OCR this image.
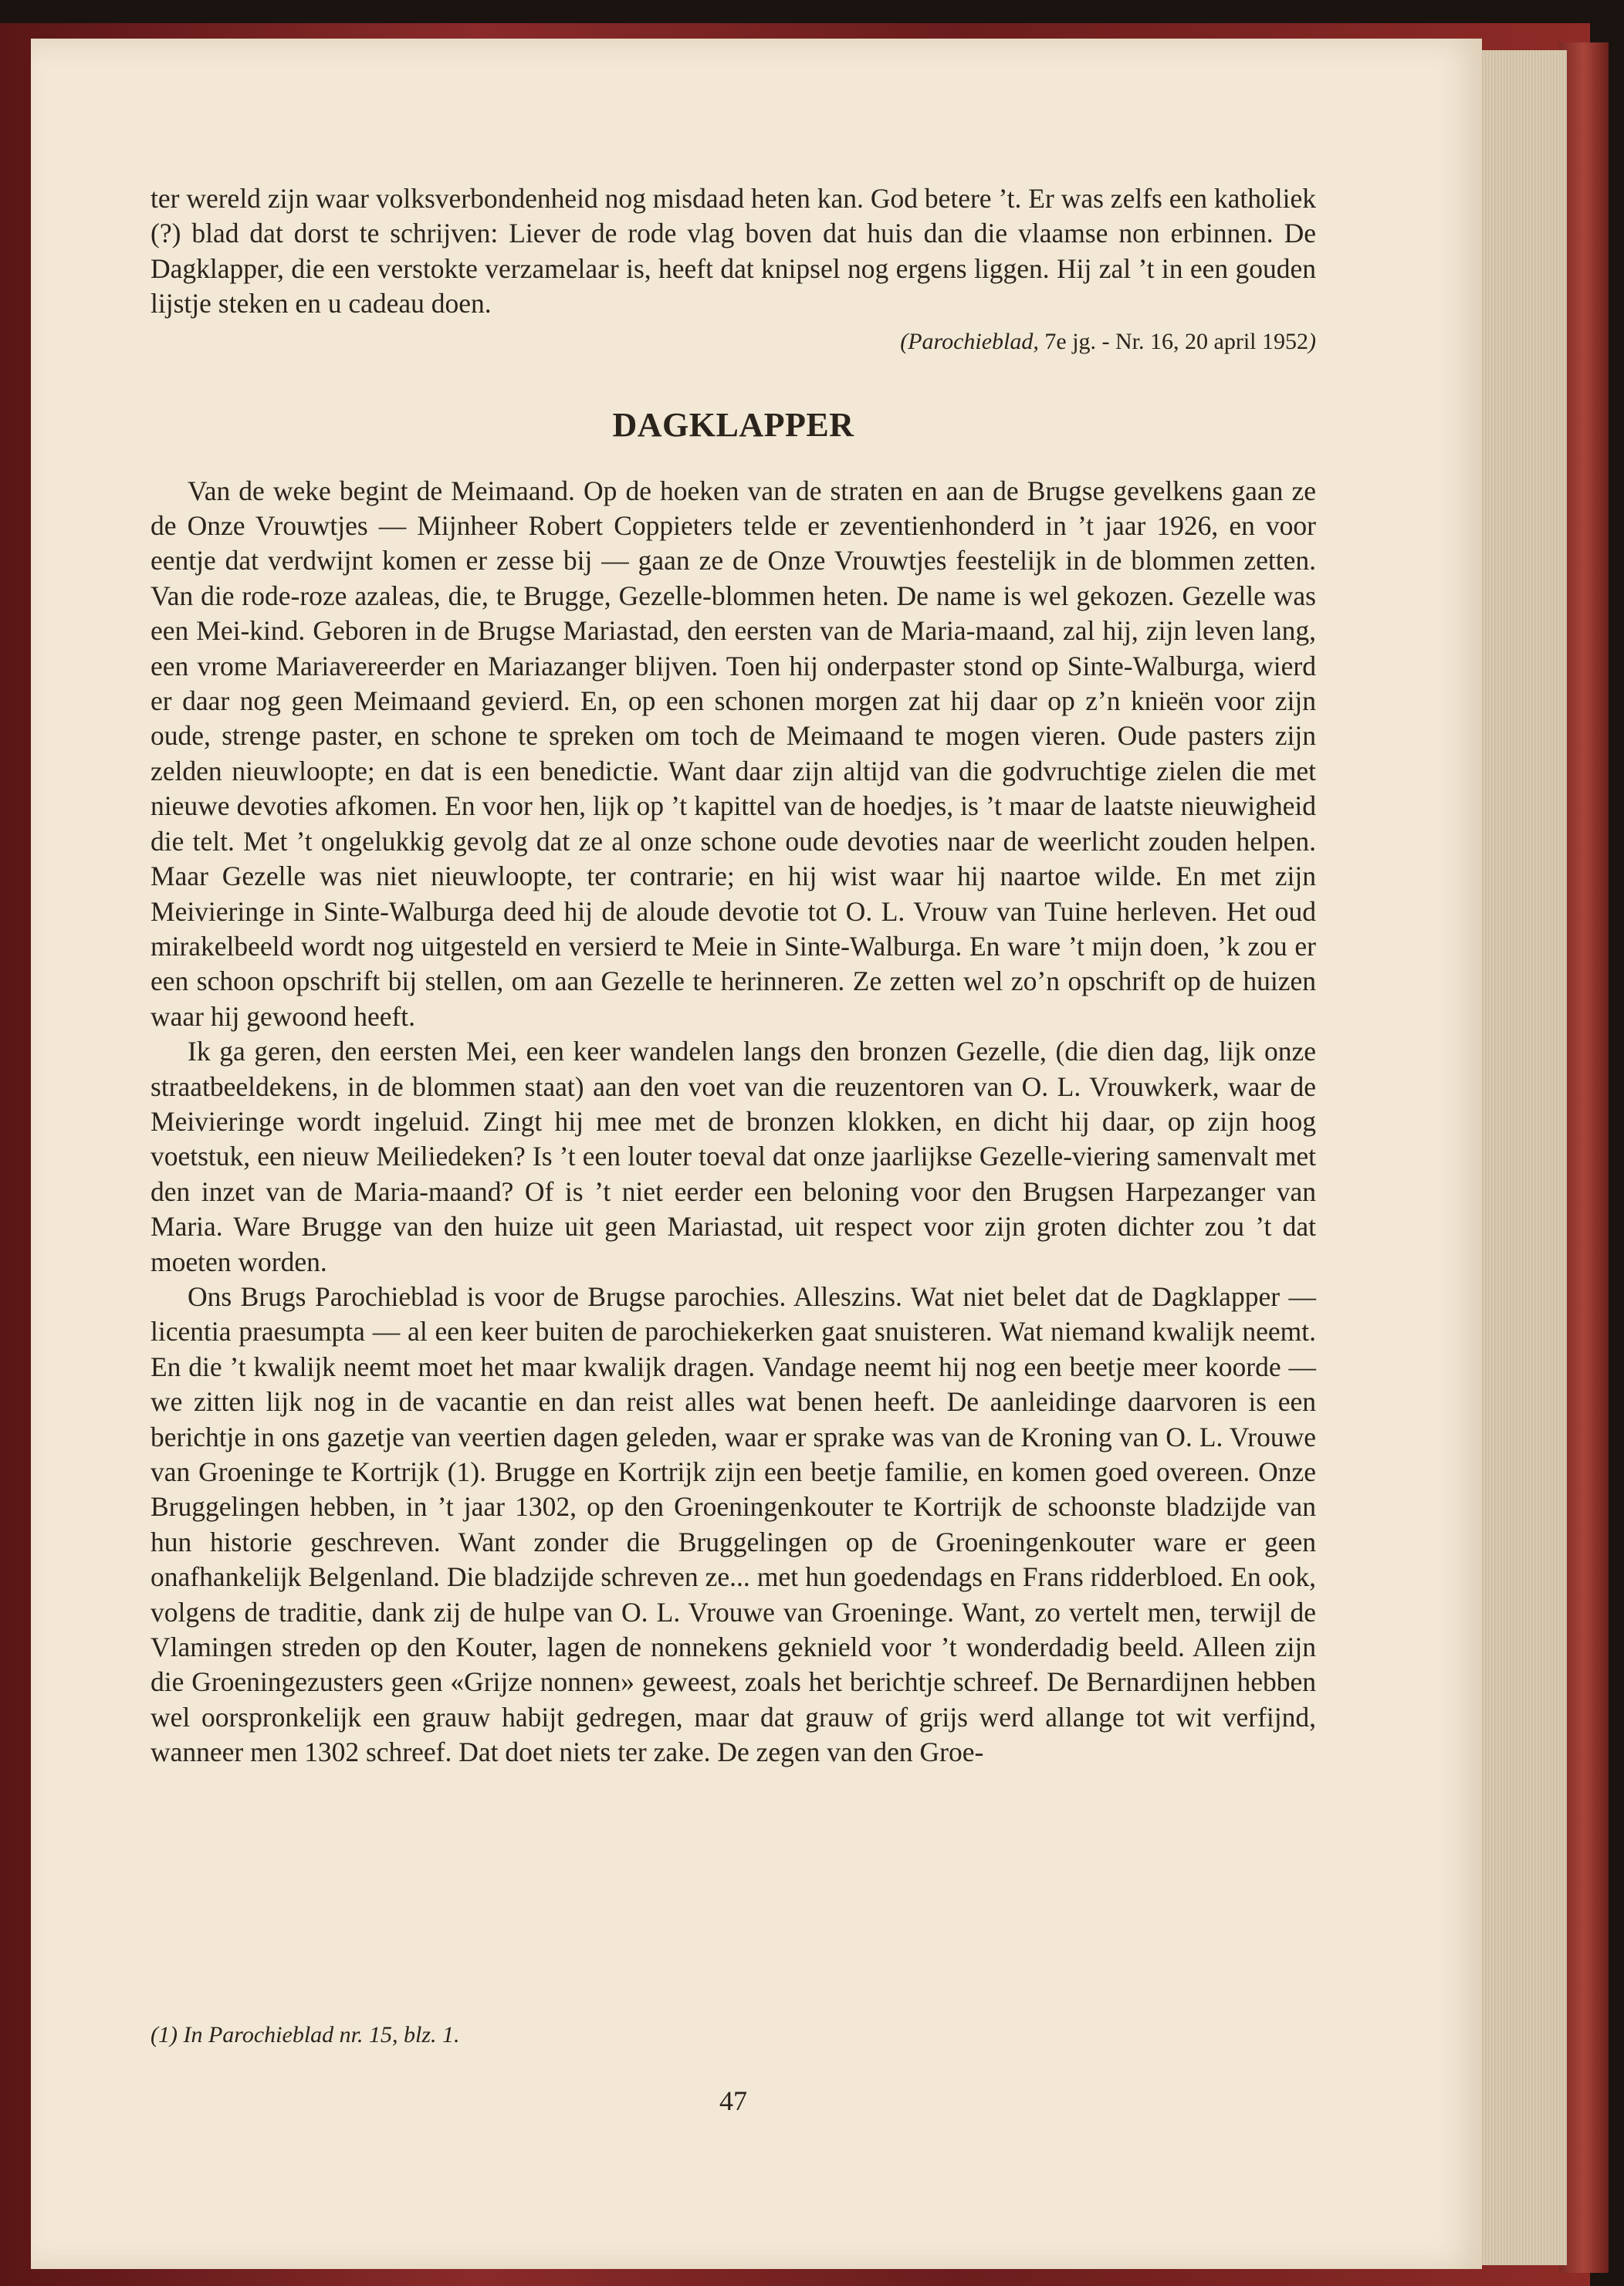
ter wereld zijn waar volksverbondenheid nog misdaad heten kan. God betere ’t. Er was zelfs een katholiek (?) blad dat dorst te schrijven: Liever de rode vlag boven dat huis dan die vlaamse non erbinnen. De Dagklapper, die een verstokte verzamelaar is, heeft dat knipsel nog ergens liggen. Hij zal ’t in een gouden lijstje steken en u cadeau doen.

(Parochieblad, 7e jg. - Nr. 16, 20 april 1952)

DAGKLAPPER

Van de weke begint de Meimaand. Op de hoeken van de straten en aan de Brugse gevelkens gaan ze de Onze Vrouwtjes — Mijnheer Robert Coppieters telde er zeventienhonderd in ’t jaar 1926, en voor eentje dat verdwijnt komen er zesse bij — gaan ze de Onze Vrouwtjes feestelijk in de blommen zetten. Van die rode-roze azaleas, die, te Brugge, Gezelle-blommen heten. De name is wel gekozen. Gezelle was een Mei-kind. Geboren in de Brugse Mariastad, den eersten van de Maria-maand, zal hij, zijn leven lang, een vrome Mariavereerder en Mariazanger blijven. Toen hij onderpaster stond op Sinte-Walburga, wierd er daar nog geen Meimaand gevierd. En, op een schonen morgen zat hij daar op z’n knieën voor zijn oude, strenge paster, en schone te spreken om toch de Meimaand te mogen vieren. Oude pasters zijn zelden nieuwloopte; en dat is een benedictie. Want daar zijn altijd van die godvruchtige zielen die met nieuwe devoties afkomen. En voor hen, lijk op ’t kapittel van de hoedjes, is ’t maar de laatste nieuwigheid die telt. Met ’t ongelukkig gevolg dat ze al onze schone oude devoties naar de weerlicht zouden helpen. Maar Gezelle was niet nieuwloopte, ter contrarie; en hij wist waar hij naartoe wilde. En met zijn Meivieringe in Sinte-Walburga deed hij de aloude devotie tot O. L. Vrouw van Tuine herleven. Het oud mirakelbeeld wordt nog uitgesteld en versierd te Meie in Sinte-Walburga. En ware ’t mijn doen, ’k zou er een schoon opschrift bij stellen, om aan Gezelle te herinneren. Ze zetten wel zo’n opschrift op de huizen waar hij gewoond heeft.

Ik ga geren, den eersten Mei, een keer wandelen langs den bronzen Gezelle, (die dien dag, lijk onze straatbeeldekens, in de blommen staat) aan den voet van die reuzentoren van O. L. Vrouwkerk, waar de Meivieringe wordt ingeluid. Zingt hij mee met de bronzen klokken, en dicht hij daar, op zijn hoog voetstuk, een nieuw Meiliedeken? Is ’t een louter toeval dat onze jaarlijkse Gezelle-viering samenvalt met den inzet van de Maria-maand? Of is ’t niet eerder een beloning voor den Brugsen Harpezanger van Maria. Ware Brugge van den huize uit geen Mariastad, uit respect voor zijn groten dichter zou ’t dat moeten worden.

Ons Brugs Parochieblad is voor de Brugse parochies. Alleszins. Wat niet belet dat de Dagklapper — licentia praesumpta — al een keer buiten de parochiekerken gaat snuisteren. Wat niemand kwalijk neemt. En die ’t kwalijk neemt moet het maar kwalijk dragen. Vandage neemt hij nog een beetje meer koorde — we zitten lijk nog in de vacantie en dan reist alles wat benen heeft. De aanleidinge daarvoren is een berichtje in ons gazetje van veertien dagen geleden, waar er sprake was van de Kroning van O. L. Vrouwe van Groeninge te Kortrijk (1). Brugge en Kortrijk zijn een beetje familie, en komen goed overeen. Onze Bruggelingen hebben, in ’t jaar 1302, op den Groeningenkouter te Kortrijk de schoonste bladzijde van hun historie geschreven. Want zonder die Bruggelingen op de Groeningenkouter ware er geen onafhankelijk Belgenland. Die bladzijde schreven ze... met hun goedendags en Frans ridderbloed. En ook, volgens de traditie, dank zij de hulpe van O. L. Vrouwe van Groeninge. Want, zo vertelt men, terwijl de Vlamingen streden op den Kouter, lagen de nonnekens geknield voor ’t wonderdadig beeld. Alleen zijn die Groeningezusters geen «Grijze nonnen» geweest, zoals het berichtje schreef. De Bernardijnen hebben wel oorspronkelijk een grauw habijt gedregen, maar dat grauw of grijs werd allange tot wit verfijnd, wanneer men 1302 schreef. Dat doet niets ter zake. De zegen van den Groe-

(1) In Parochieblad nr. 15, blz. 1.

47
